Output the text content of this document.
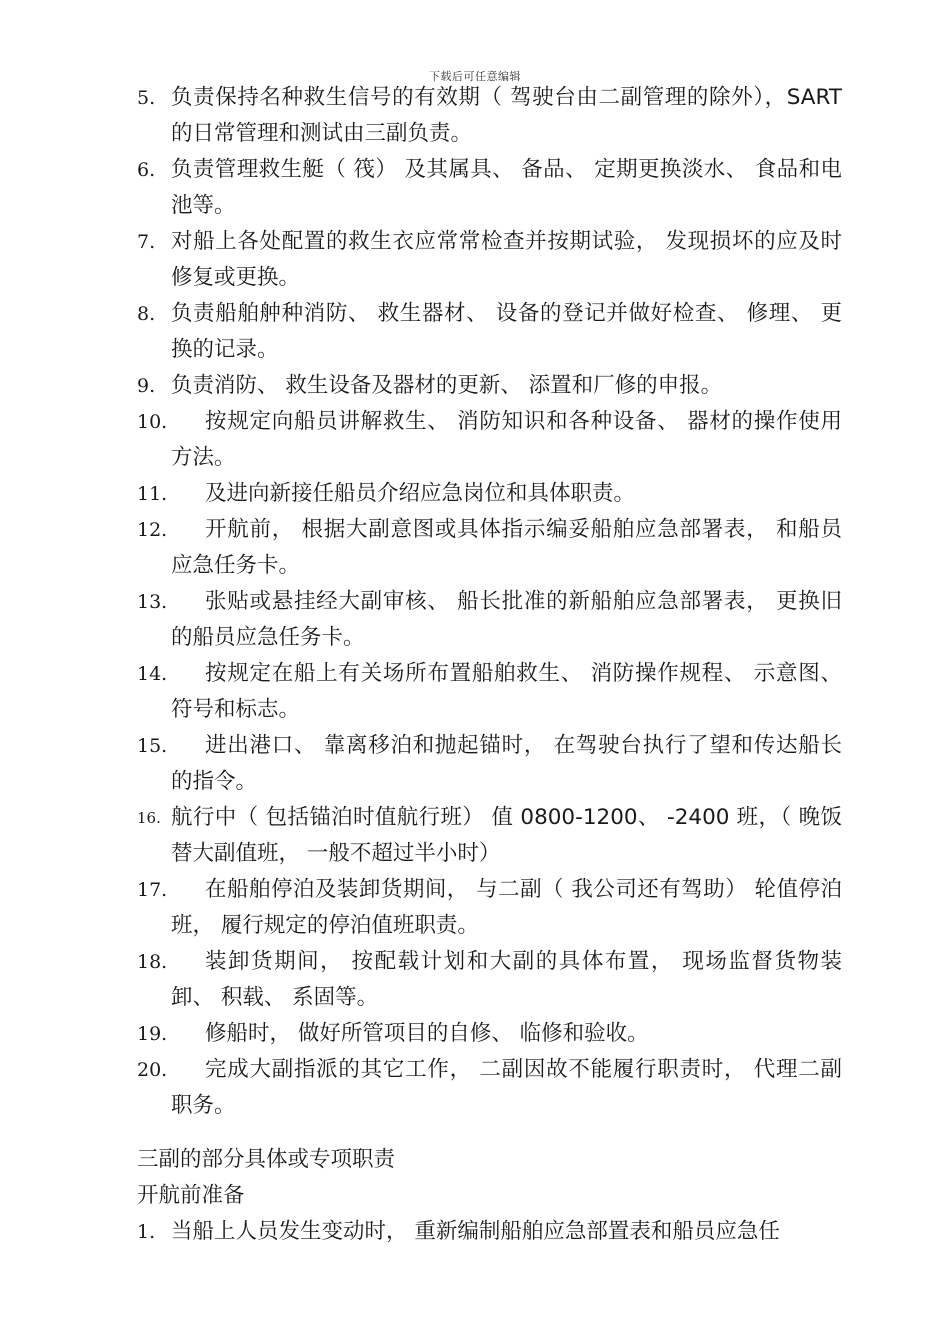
下载后可任意编辑
5. 负责保持名种救生信号的有效期（ 驾驶台由二副管理的除外），SART 的日常管理和测试由三副负责。
6. 负责管理救生艇（ 筏） 及其属具、 备品、 定期更换淡水、 食品和电池等。
7. 对船上各处配置的救生衣应常常检查并按期试验， 发现损坏的应及时修复或更换。
8. 负责船舶舯种消防、 救生器材、 设备的登记并做好检查、 修理、 更换的记录。
9. 负责消防、 救生设备及器材的更新、 添置和厂修的申报。
10.	按规定向船员讲解救生、 消防知识和各种设备、 器材的操作使用方法。
11.	及进向新接任船员介绍应急岗位和具体职责。
12.	开航前， 根据大副意图或具体指示编妥船舶应急部署表， 和船员应急任务卡。
13.	张贴或悬挂经大副审核、 船长批准的新船舶应急部署表， 更换旧的船员应急任务卡。
14.	按规定在船上有关场所布置船舶救生、 消防操作规程、 示意图、 符号和标志。
15.	进出港口、 靠离移泊和抛起锚时， 在驾驶台执行了望和传达船长的指令。
16. 航行中（ 包括锚泊时值航行班） 值 0800-1200、 -2400 班，（ 晚饭替大副值班， 一般不超过半小时）
17.	在船舶停泊及装卸货期间， 与二副（ 我公司还有驾助） 轮值停泊班， 履行规定的停泊值班职责。
18.	装卸货期间， 按配载计划和大副的具体布置， 现场监督货物装卸、 积载、 系固等。
19.	修船时， 做好所管项目的自修、 临修和验收。
20.	完成大副指派的其它工作， 二副因故不能履行职责时， 代理二副职务。
三副的部分具体或专项职责
开航前准备
1. 当船上人员发生变动时， 重新编制船舶应急部置表和船员应急任
